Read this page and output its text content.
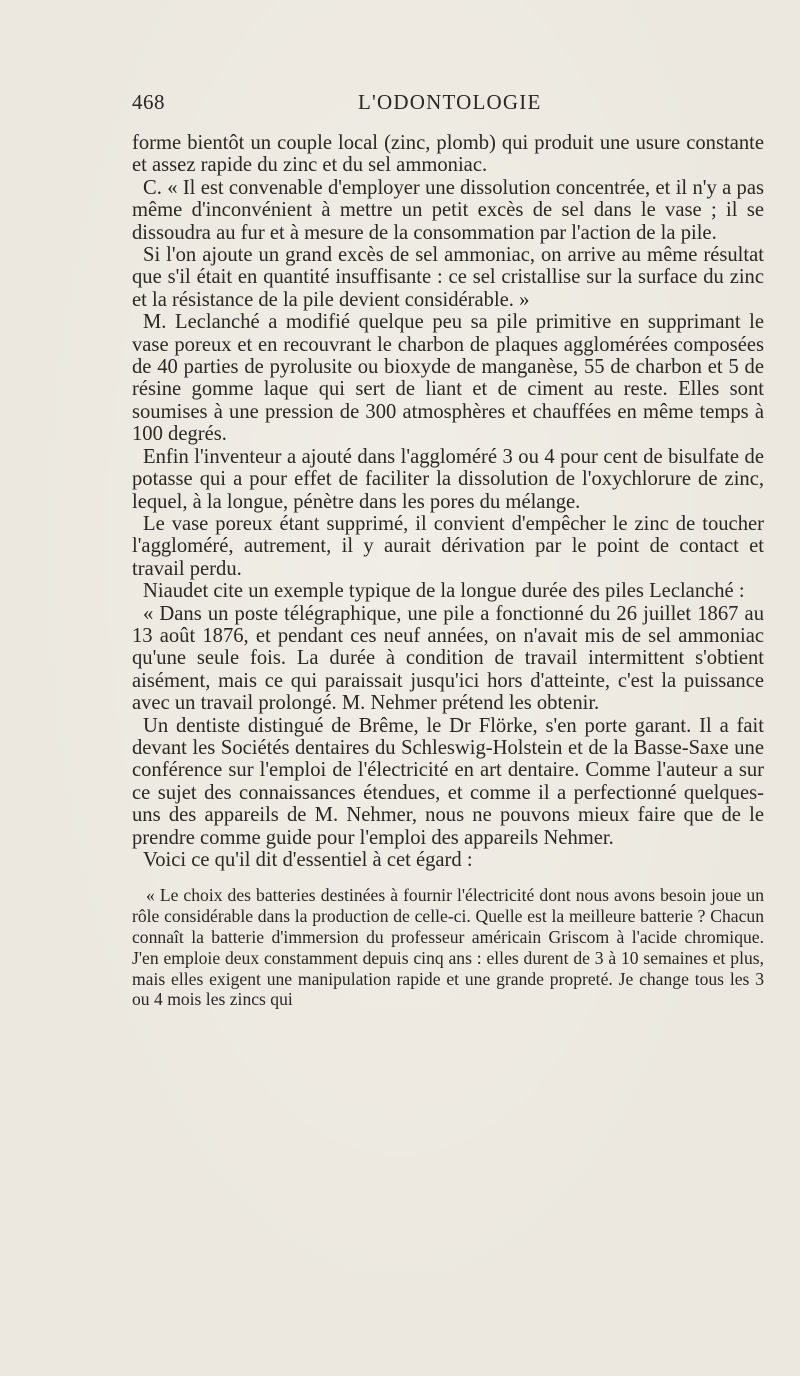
468	L'ODONTOLOGIE

forme bientôt un couple local (zinc, plomb) qui produit une usure constante et assez rapide du zinc et du sel ammoniac.

C. « Il est convenable d'employer une dissolution concentrée, et il n'y a pas même d'inconvénient à mettre un petit excès de sel dans le vase ; il se dissoudra au fur et à mesure de la consommation par l'action de la pile.

Si l'on ajoute un grand excès de sel ammoniac, on arrive au même résultat que s'il était en quantité insuffisante : ce sel cristallise sur la surface du zinc et la résistance de la pile devient considérable. »

M. Leclanché a modifié quelque peu sa pile primitive en supprimant le vase poreux et en recouvrant le charbon de plaques agglomérées composées de 40 parties de pyrolusite ou bioxyde de manganèse, 55 de charbon et 5 de résine gomme laque qui sert de liant et de ciment au reste. Elles sont soumises à une pression de 300 atmosphères et chauffées en même temps à 100 degrés.

Enfin l'inventeur a ajouté dans l'aggloméré 3 ou 4 pour cent de bisulfate de potasse qui a pour effet de faciliter la dissolution de l'oxychlorure de zinc, lequel, à la longue, pénètre dans les pores du mélange.

Le vase poreux étant supprimé, il convient d'empêcher le zinc de toucher l'aggloméré, autrement, il y aurait dérivation par le point de contact et travail perdu.

Niaudet cite un exemple typique de la longue durée des piles Leclanché :

« Dans un poste télégraphique, une pile a fonctionné du 26 juillet 1867 au 13 août 1876, et pendant ces neuf années, on n'avait mis de sel ammoniac qu'une seule fois. La durée à condition de travail intermittent s'obtient aisément, mais ce qui paraissait jusqu'ici hors d'atteinte, c'est la puissance avec un travail prolongé. M. Nehmer prétend les obtenir.

Un dentiste distingué de Brême, le Dr Flörke, s'en porte garant. Il a fait devant les Sociétés dentaires du Schleswig-Holstein et de la Basse-Saxe une conférence sur l'emploi de l'électricité en art dentaire. Comme l'auteur a sur ce sujet des connaissances étendues, et comme il a perfectionné quelques-uns des appareils de M. Nehmer, nous ne pouvons mieux faire que de le prendre comme guide pour l'emploi des appareils Nehmer.

Voici ce qu'il dit d'essentiel à cet égard :

« Le choix des batteries destinées à fournir l'électricité dont nous avons besoin joue un rôle considérable dans la production de celle-ci. Quelle est la meilleure batterie ? Chacun connaît la batterie d'immersion du professeur américain Griscom à l'acide chromique. J'en emploie deux constamment depuis cinq ans : elles durent de 3 à 10 semaines et plus, mais elles exigent une manipulation rapide et une grande propreté. Je change tous les 3 ou 4 mois les zincs qui
